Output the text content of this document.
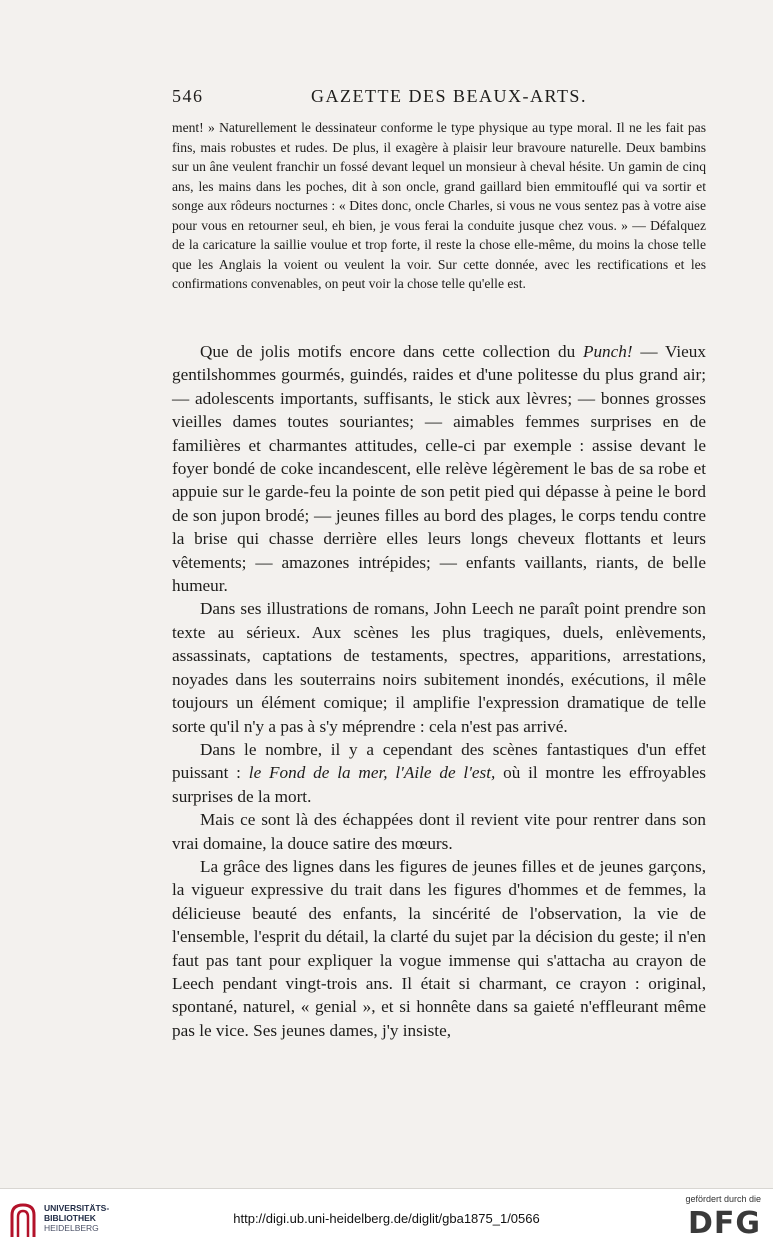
546	GAZETTE DES BEAUX-ARTS.

ment! » Naturellement le dessinateur conforme le type physique au type moral. Il ne les fait pas fins, mais robustes et rudes. De plus, il exagère à plaisir leur bravoure naturelle. Deux bambins sur un âne veulent franchir un fossé devant lequel un monsieur à cheval hésite. Un gamin de cinq ans, les mains dans les poches, dit à son oncle, grand gaillard bien emmitouflé qui va sortir et songe aux rôdeurs nocturnes : « Dites donc, oncle Charles, si vous ne vous sentez pas à votre aise pour vous en retourner seul, eh bien, je vous ferai la conduite jusque chez vous. » — Défalquez de la caricature la saillie voulue et trop forte, il reste la chose elle-même, du moins la chose telle que les Anglais la voient ou veulent la voir. Sur cette donnée, avec les rectifications et les confirmations convenables, on peut voir la chose telle qu'elle est.

Que de jolis motifs encore dans cette collection du Punch! — Vieux gentilshommes gourmés, guindés, raides et d'une politesse du plus grand air; — adolescents importants, suffisants, le stick aux lèvres; — bonnes grosses vieilles dames toutes souriantes; — aimables femmes surprises en de familières et charmantes attitudes, celle-ci par exemple : assise devant le foyer bondé de coke incandescent, elle relève légèrement le bas de sa robe et appuie sur le garde-feu la pointe de son petit pied qui dépasse à peine le bord de son jupon brodé; — jeunes filles au bord des plages, le corps tendu contre la brise qui chasse derrière elles leurs longs cheveux flottants et leurs vêtements; — amazones intrépides; — enfants vaillants, riants, de belle humeur.

Dans ses illustrations de romans, John Leech ne paraît point prendre son texte au sérieux. Aux scènes les plus tragiques, duels, enlèvements, assassinats, captations de testaments, spectres, apparitions, arrestations, noyades dans les souterrains noirs subitement inondés, exécutions, il mêle toujours un élément comique; il amplifie l'expression dramatique de telle sorte qu'il n'y a pas à s'y méprendre : cela n'est pas arrivé.

Dans le nombre, il y a cependant des scènes fantastiques d'un effet puissant : le Fond de la mer, l'Aile de l'est, où il montre les effroyables surprises de la mort.

Mais ce sont là des échappées dont il revient vite pour rentrer dans son vrai domaine, la douce satire des mœurs.

La grâce des lignes dans les figures de jeunes filles et de jeunes garçons, la vigueur expressive du trait dans les figures d'hommes et de femmes, la délicieuse beauté des enfants, la sincérité de l'observation, la vie de l'ensemble, l'esprit du détail, la clarté du sujet par la décision du geste; il n'en faut pas tant pour expliquer la vogue immense qui s'attacha au crayon de Leech pendant vingt-trois ans. Il était si charmant, ce crayon : original, spontané, naturel, « genial », et si honnête dans sa gaieté n'effleurant même pas le vice. Ses jeunes dames, j'y insiste,

UNIVERSITÄTS-
BIBLIOTHEK
HEIDELBERG
http://digi.ub.uni-heidelberg.de/diglit/gba1875_1/0566
gefördert durch die
DFG
